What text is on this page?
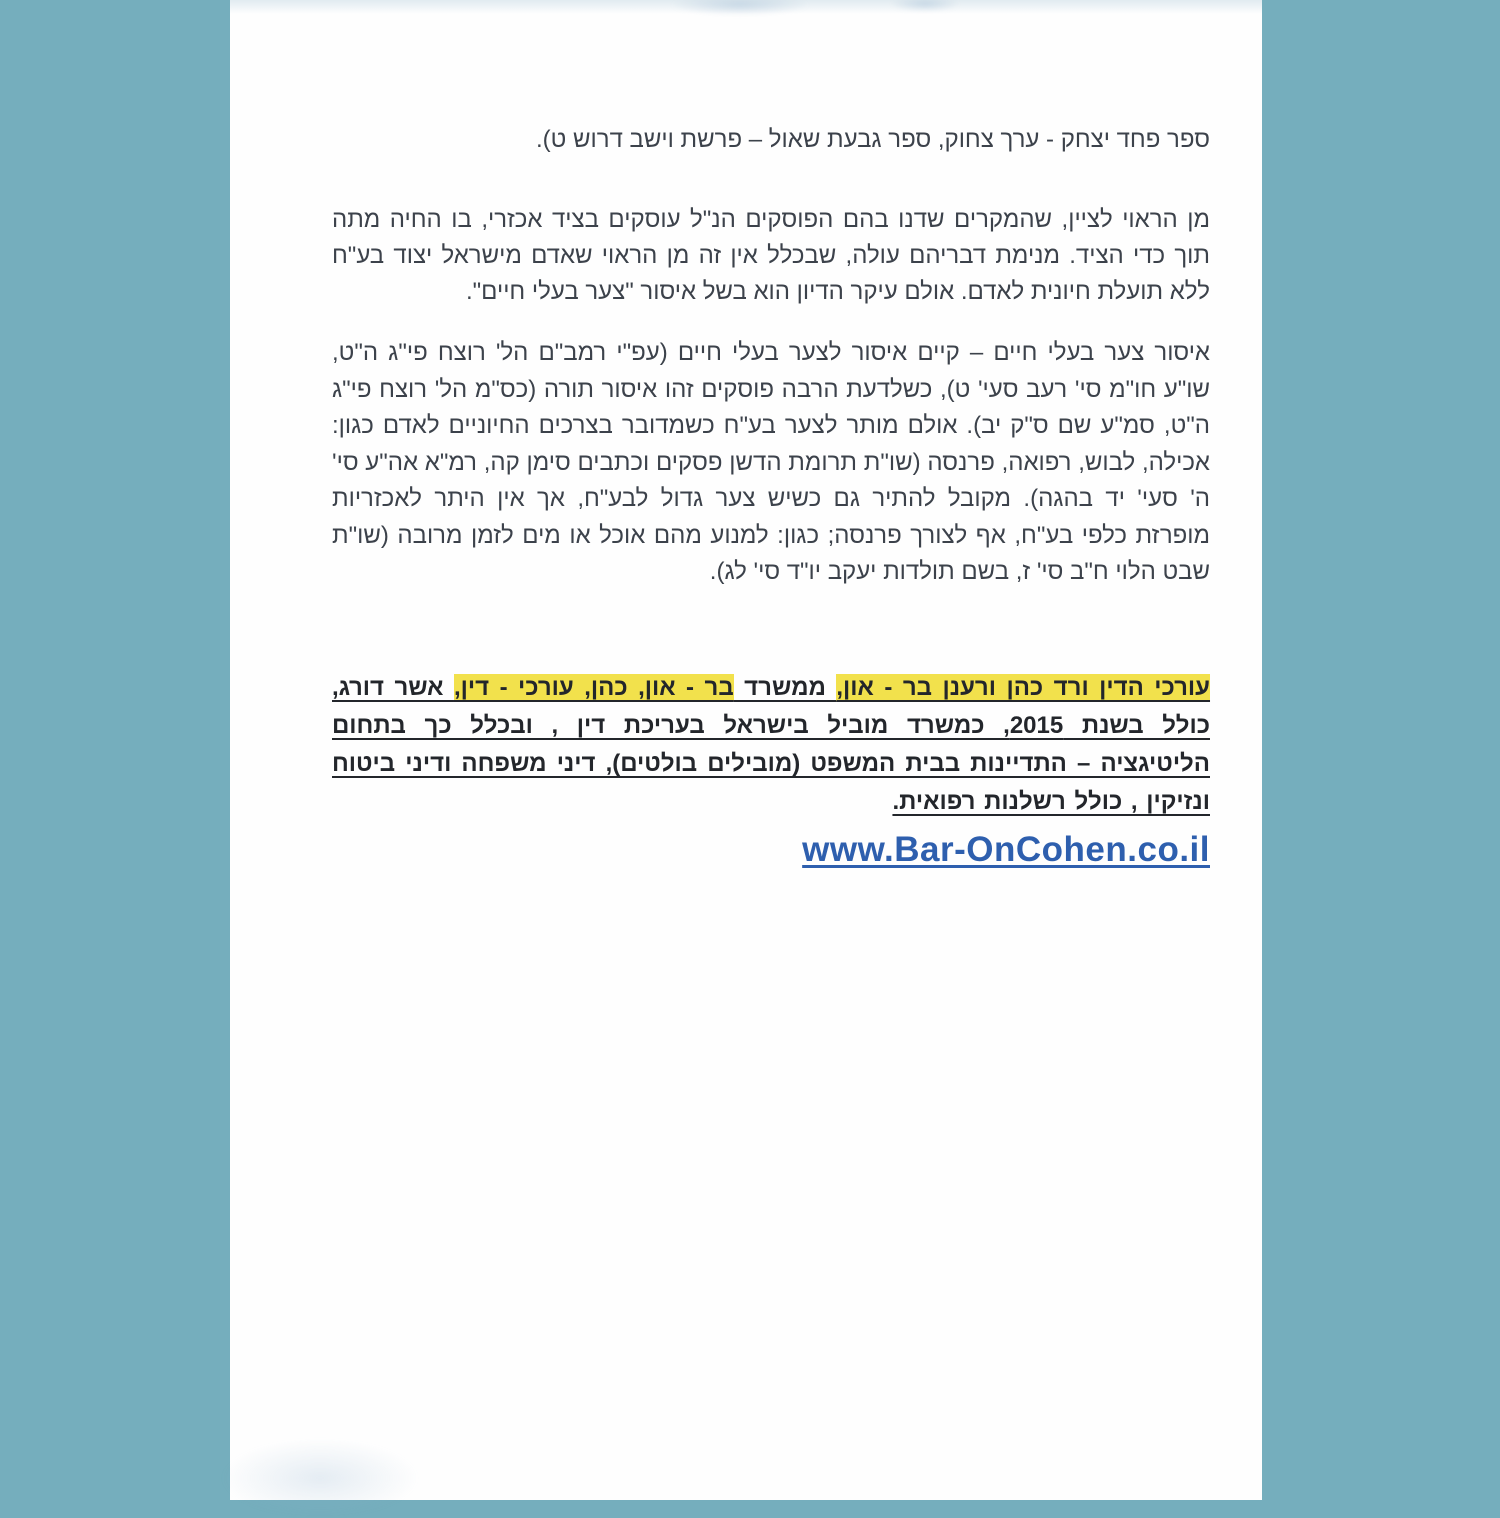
ספר פחד יצחק - ערך צחוק, ספר גבעת שאול – פרשת וישב דרוש ט).

מן הראוי לציין, שהמקרים שדנו בהם הפוסקים הנ"ל עוסקים בציד אכזרי, בו החיה מתה תוך כדי הציד. מנימת דבריהם עולה, שבכלל אין זה מן הראוי שאדם מישראל יצוד בע"ח ללא תועלת חיונית לאדם. אולם עיקר הדיון הוא בשל איסור "צער בעלי חיים".

איסור צער בעלי חיים – קיים איסור לצער בעלי חיים (עפ"י רמב"ם הל' רוצח פי"ג ה"ט, שו"ע חו"מ סי' רעב סעי' ט), כשלדעת הרבה פוסקים זהו איסור תורה (כס"מ הל' רוצח פי"ג ה"ט, סמ"ע שם ס"ק יב). אולם מותר לצער בע"ח כשמדובר בצרכים החיוניים לאדם כגון: אכילה, לבוש, רפואה, פרנסה (שו"ת תרומת הדשן פסקים וכתבים סימן קה, רמ"א אה"ע סי' ה' סעי' יד בהגה). מקובל להתיר גם כשיש צער גדול לבע"ח, אך אין היתר לאכזריות מופרזת כלפי בע"ח, אף לצורך פרנסה; כגון: למנוע מהם אוכל או מים לזמן מרובה (שו"ת שבט הלוי ח"ב סי' ז, בשם תולדות יעקב יו"ד סי' לג).

עורכי הדין ורד כהן ורענן בר - און, ממשרד בר - און, כהן, עורכי - דין, אשר דורג, כולל בשנת 2015, כמשרד מוביל בישראל בעריכת דין , ובכלל כך בתחום הליטיגציה – התדיינות בבית המשפט (מובילים בולטים), דיני משפחה ודיני ביטוח ונזיקין , כולל רשלנות רפואית.

www.Bar-OnCohen.co.il
